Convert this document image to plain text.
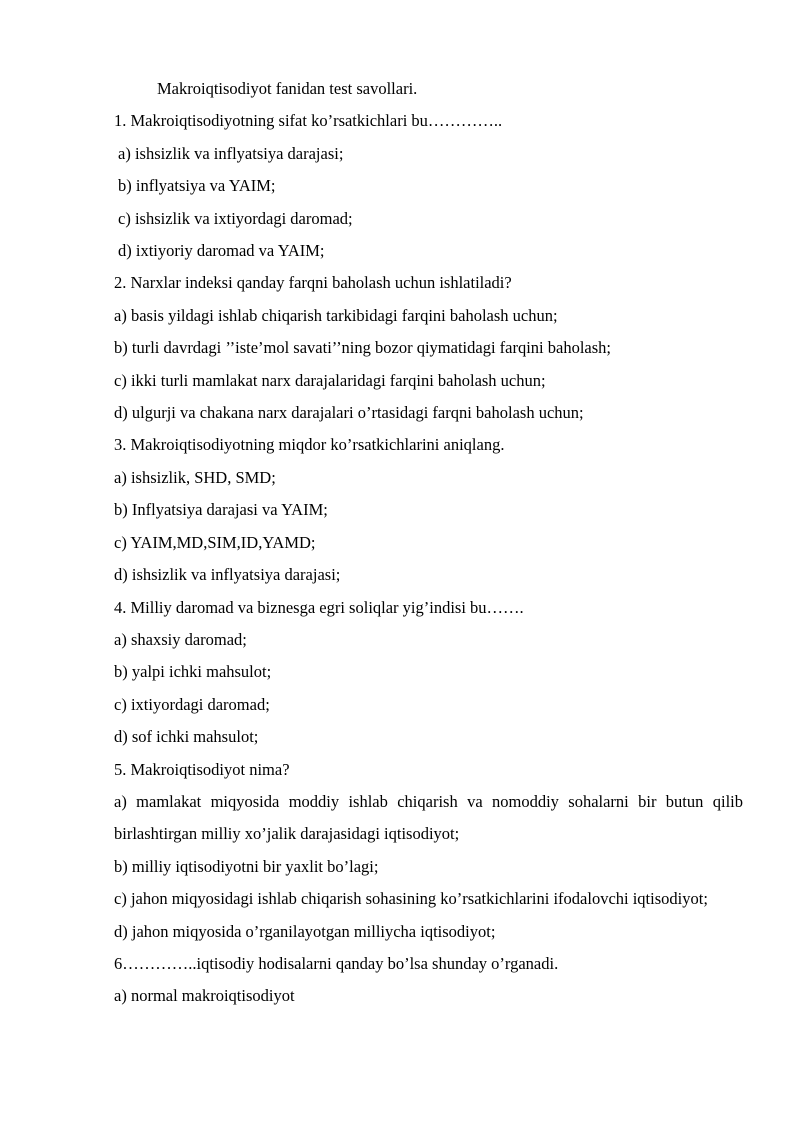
Makroiqtisodiyot fanidan test savollari.

1. Makroiqtisodiyotning sifat ko’rsatkichlari bu…………..

a) ishsizlik va inflyatsiya darajasi;

b) inflyatsiya va YAIM;

c) ishsizlik va ixtiyordagi daromad;

d) ixtiyoriy daromad va YAIM;

2. Narxlar indeksi qanday farqni baholash uchun ishlatiladi?

a) basis yildagi ishlab chiqarish tarkibidagi farqini baholash uchun;

b) turli davrdagi ’’iste’mol savati’’ning bozor qiymatidagi farqini baholash;

c) ikki turli mamlakat narx darajalaridagi farqini baholash uchun;

d) ulgurji va chakana narx darajalari o’rtasidagi farqni baholash uchun;

3. Makroiqtisodiyotning miqdor ko’rsatkichlarini aniqlang.

a) ishsizlik, SHD, SMD;

b) Inflyatsiya darajasi va YAIM;

c) YAIM,MD,SIM,ID,YAMD;

d) ishsizlik va inflyatsiya darajasi;

4. Milliy daromad va biznesga egri soliqlar yig’indisi bu…….

a) shaxsiy daromad;

b) yalpi ichki mahsulot;

c) ixtiyordagi daromad;

d) sof ichki mahsulot;

5. Makroiqtisodiyot nima?

a) mamlakat miqyosida moddiy ishlab chiqarish va nomoddiy sohalarni bir butun qilib birlashtirgan milliy xo’jalik darajasidagi iqtisodiyot;

b) milliy iqtisodiyotni bir yaxlit bo’lagi;

c) jahon miqyosidagi ishlab chiqarish sohasining ko’rsatkichlarini ifodalovchi iqtisodiyot;

d) jahon miqyosida o’rganilayotgan milliycha iqtisodiyot;

6…………..iqtisodiy hodisalarni qanday bo’lsa shunday o’rganadi.

a) normal makroiqtisodiyot
